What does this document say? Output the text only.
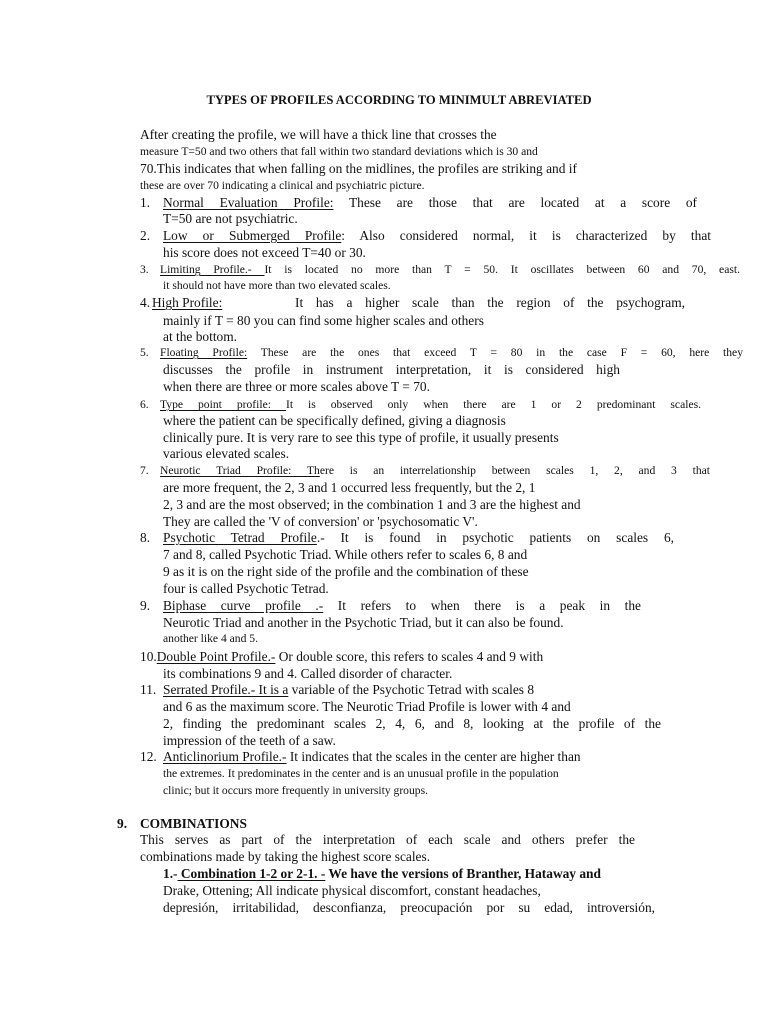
TYPES OF PROFILES ACCORDING TO MINIMULT ABREVIATED
After creating the profile, we will have a thick line that crosses the
measure T=50 and two others that fall within two standard deviations which is 30 and
70.This indicates that when falling on the midlines, the profiles are striking and if
these are over 70 indicating a clinical and psychiatric picture.
1. Normal Evaluation Profile: These are those that are located at a score of
T=50 are not psychiatric.
2. Low or Submerged Profile: Also considered normal, it is characterized by that
his score does not exceed T=40 or 30.
3. Limiting Profile.- It is located no more than T = 50. It oscillates between 60 and 70, east.
it should not have more than two elevated scales.
4. High Profile:	It has a higher scale than the region of the psychogram,
mainly if T = 80 you can find some higher scales and others
at the bottom.
5. Floating Profile: These are the ones that exceed T = 80 in the case F = 60, here they
discusses the profile in instrument interpretation, it is considered high
when there are three or more scales above T = 70.
6. Type point profile: It is observed only when there are 1 or 2 predominant scales.
where the patient can be specifically defined, giving a diagnosis
clinically pure. It is very rare to see this type of profile, it usually presents
various elevated scales.
7. Neurotic Triad Profile: There is an interrelationship between scales 1, 2, and 3 that
are more frequent, the 2, 3 and 1 occurred less frequently, but the 2, 1
2, 3 and are the most observed; in the combination 1 and 3 are the highest and
They are called the 'V of conversion' or 'psychosomatic V'.
8. Psychotic Tetrad Profile.- It is found in psychotic patients on scales 6,
7 and 8, called Psychotic Triad. While others refer to scales 6, 8 and
9 as it is on the right side of the profile and the combination of these
four is called Psychotic Tetrad.
9. Biphase curve profile .- It refers to when there is a peak in the
Neurotic Triad and another in the Psychotic Triad, but it can also be found.
another like 4 and 5.
10.Double Point Profile.- Or double score, this refers to scales 4 and 9 with
its combinations 9 and 4. Called disorder of character.
11. Serrated Profile.- It is a variable of the Psychotic Tetrad with scales 8
and 6 as the maximum score. The Neurotic Triad Profile is lower with 4 and
2, finding the predominant scales 2, 4, 6, and 8, looking at the profile of the
impression of the teeth of a saw.
12. Anticlinorium Profile.- It indicates that the scales in the center are higher than
the extremes. It predominates in the center and is an unusual profile in the population
clinic; but it occurs more frequently in university groups.
9. COMBINATIONS
This serves as part of the interpretation of each scale and others prefer the
combinations made by taking the highest score scales.
1.- Combination 1-2 or 2-1. - We have the versions of Branther, Hataway and
Drake, Ottening; All indicate physical discomfort, constant headaches,
depresión, irritabilidad, desconfianza, preocupación por su edad, introversión,
